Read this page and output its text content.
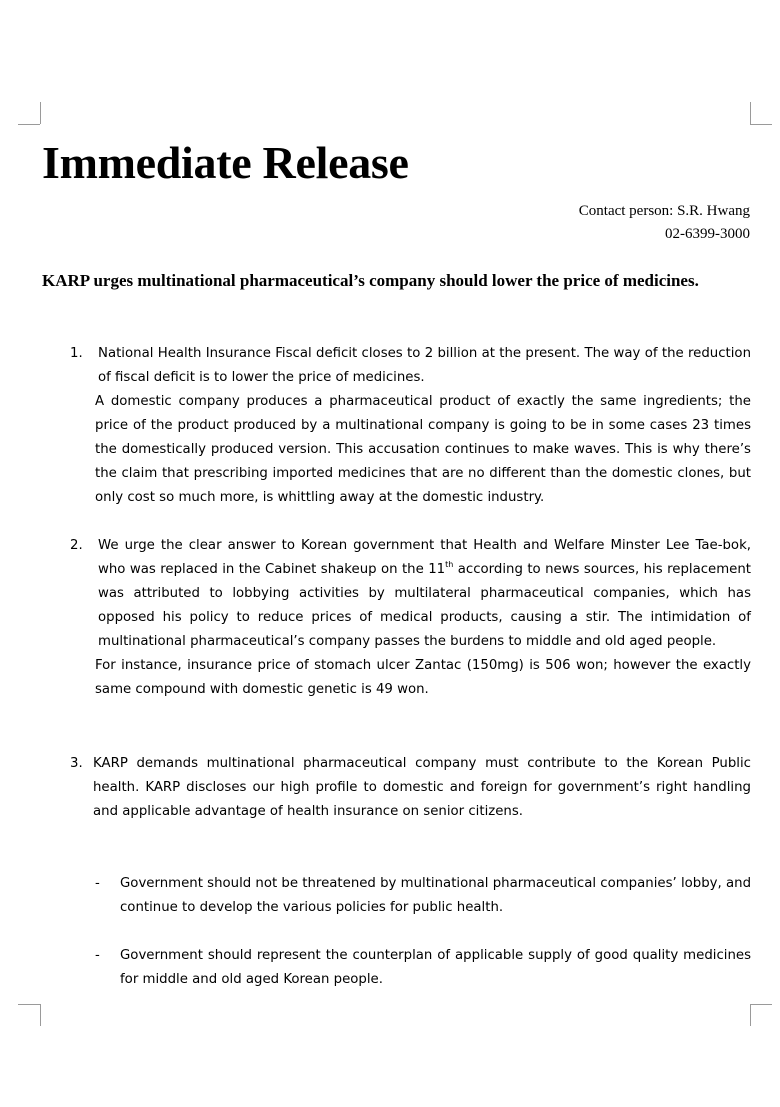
Immediate Release
Contact person: S.R. Hwang
02-6399-3000

KARP urges multinational pharmaceutical’s company should lower the price of medicines.

1. National Health Insurance Fiscal deficit closes to 2 billion at the present. The way of the reduction of fiscal deficit is to lower the price of medicines.

A domestic company produces a pharmaceutical product of exactly the same ingredients; the price of the product produced by a multinational company is going to be in some cases 23 times the domestically produced version. This accusation continues to make waves. This is why there’s the claim that prescribing imported medicines that are no different than the domestic clones, but only cost so much more, is whittling away at the domestic industry.

2. We urge the clear answer to Korean government that Health and Welfare Minster Lee Tae-bok, who was replaced in the Cabinet shakeup on the 11th according to news sources, his replacement was attributed to lobbying activities by multilateral pharmaceutical companies, which has opposed his policy to reduce prices of medical products, causing a stir. The intimidation of multinational pharmaceutical’s company passes the burdens to middle and old aged people.

For instance, insurance price of stomach ulcer Zantac (150mg) is 506 won; however the exactly same compound with domestic genetic is 49 won.

3. KARP demands multinational pharmaceutical company must contribute to the Korean Public health. KARP discloses our high profile to domestic and foreign for government’s right handling and applicable advantage of health insurance on senior citizens.

- Government should not be threatened by multinational pharmaceutical companies’ lobby, and continue to develop the various policies for public health.

- Government should represent the counterplan of applicable supply of good quality medicines for middle and old aged Korean people.
